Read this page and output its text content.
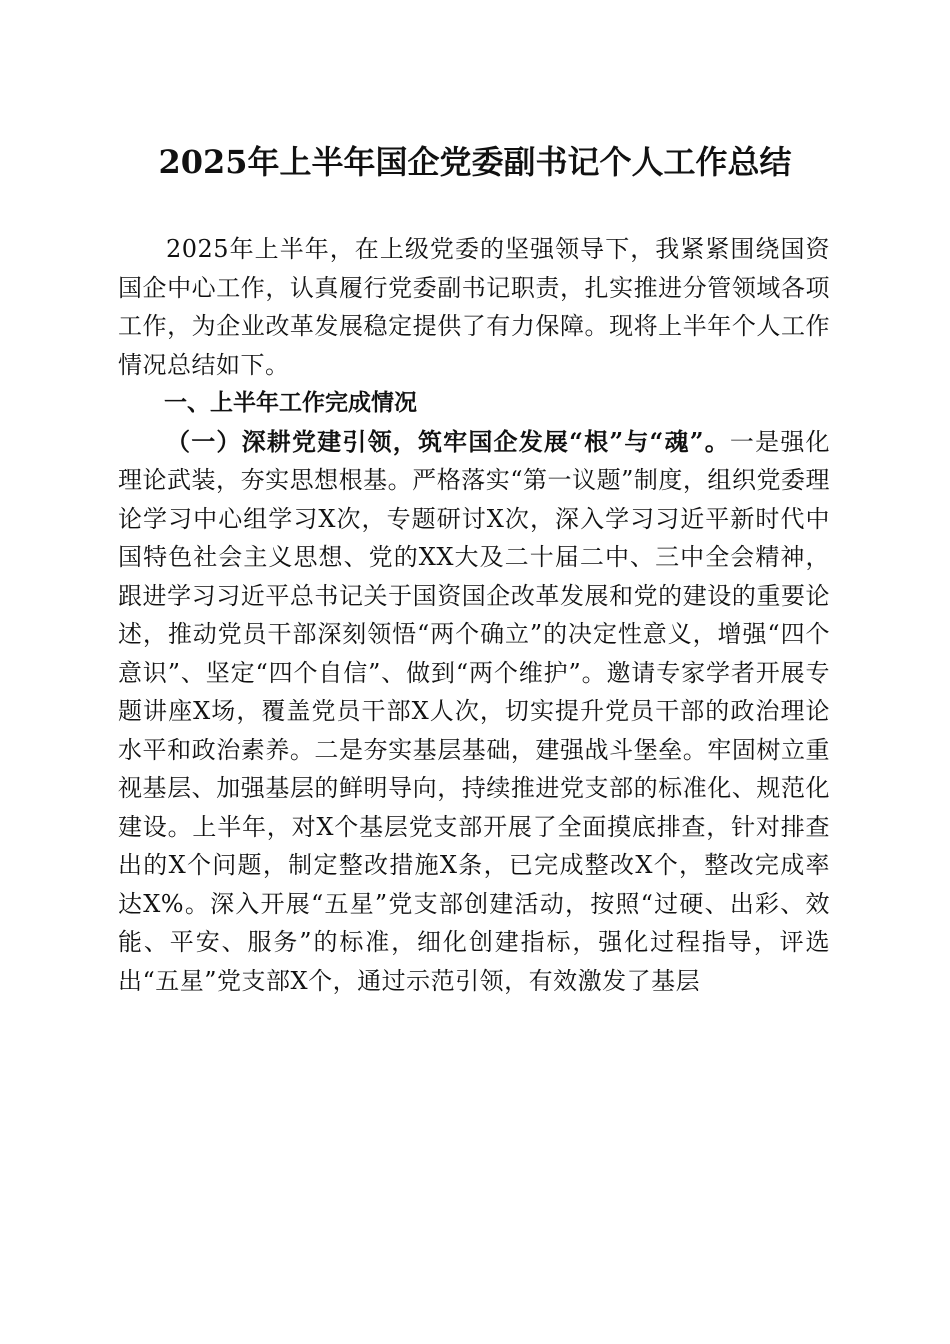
2025年上半年国企党委副书记个人工作总结

2025年上半年，在上级党委的坚强领导下，我紧紧围绕国资国企中心工作，认真履行党委副书记职责，扎实推进分管领域各项工作，为企业改革发展稳定提供了有力保障。现将上半年个人工作情况总结如下。

一、上半年工作完成情况

（一）深耕党建引领，筑牢国企发展“根”与“魂”。一是强化理论武装，夯实思想根基。严格落实“第一议题”制度，组织党委理论学习中心组学习X次，专题研讨X次，深入学习习近平新时代中国特色社会主义思想、党的XX大及二十届二中、三中全会精神，跟进学习习近平总书记关于国资国企改革发展和党的建设的重要论述，推动党员干部深刻领悟“两个确立”的决定性意义，增强“四个意识”、坚定“四个自信”、做到“两个维护”。邀请专家学者开展专题讲座X场，覆盖党员干部X人次，切实提升党员干部的政治理论水平和政治素养。二是夯实基层基础，建强战斗堡垒。牢固树立重视基层、加强基层的鲜明导向，持续推进党支部的标准化、规范化建设。上半年，对X个基层党支部开展了全面摸底排查，针对排查出的X个问题，制定整改措施X条，已完成整改X个，整改完成率达X%。深入开展“五星”党支部创建活动，按照“过硬、出彩、效能、平安、服务”的标准，细化创建指标，强化过程指导，评选出“五星”党支部X个，通过示范引领，有效激发了基层
